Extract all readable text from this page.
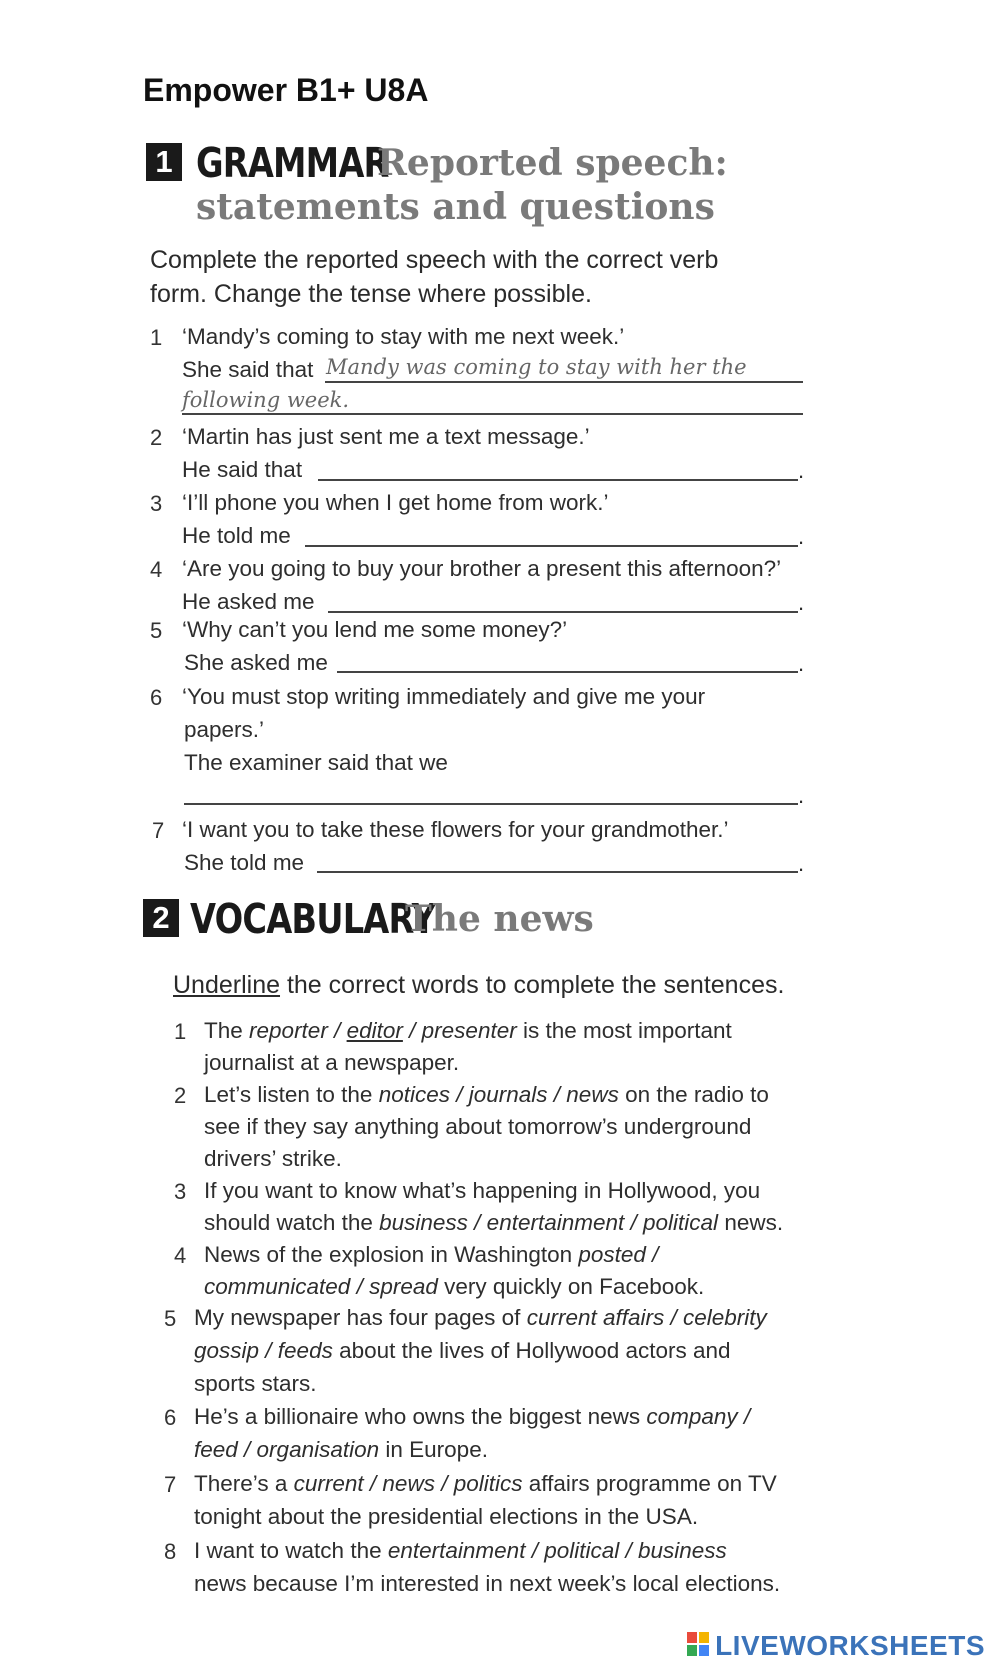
Empower B1+ U8A
1 GRAMMAR
Reported speech:
statements and questions
Complete the reported speech with the correct verb
form. Change the tense where possible.
1 ‘Mandy’s coming to stay with me next week.’
She said that Mandy was coming to stay with her the
following week.
2 ‘Martin has just sent me a text message.’
He said that	.
3 ‘I’ll phone you when I get home from work.’
He told me	.
4 ‘Are you going to buy your brother a present this afternoon?’
He asked me	.
5 ‘Why can’t you lend me some money?’
She asked me	.
6 ‘You must stop writing immediately and give me your
papers.’
The examiner said that we
.
7 ‘I want you to take these flowers for your grandmother.’
She told me	.
2 VOCABULARY
The news
Underline the correct words to complete the sentences.
1 The reporter / editor / presenter is the most important
journalist at a newspaper.
2 Let’s listen to the notices / journals / news on the radio to
see if they say anything about tomorrow’s underground
drivers’ strike.
3 If you want to know what’s happening in Hollywood, you
should watch the business / entertainment / political news.
4 News of the explosion in Washington posted /
communicated / spread very quickly on Facebook.
5 My newspaper has four pages of current affairs / celebrity
gossip / feeds about the lives of Hollywood actors and
sports stars.
6 He’s a billionaire who owns the biggest news company /
feed / organisation in Europe.
7 There’s a current / news / politics affairs programme on TV
tonight about the presidential elections in the USA.
8 I want to watch the entertainment / political / business
news because I’m interested in next week’s local elections.
LIVEWORKSHEETS
